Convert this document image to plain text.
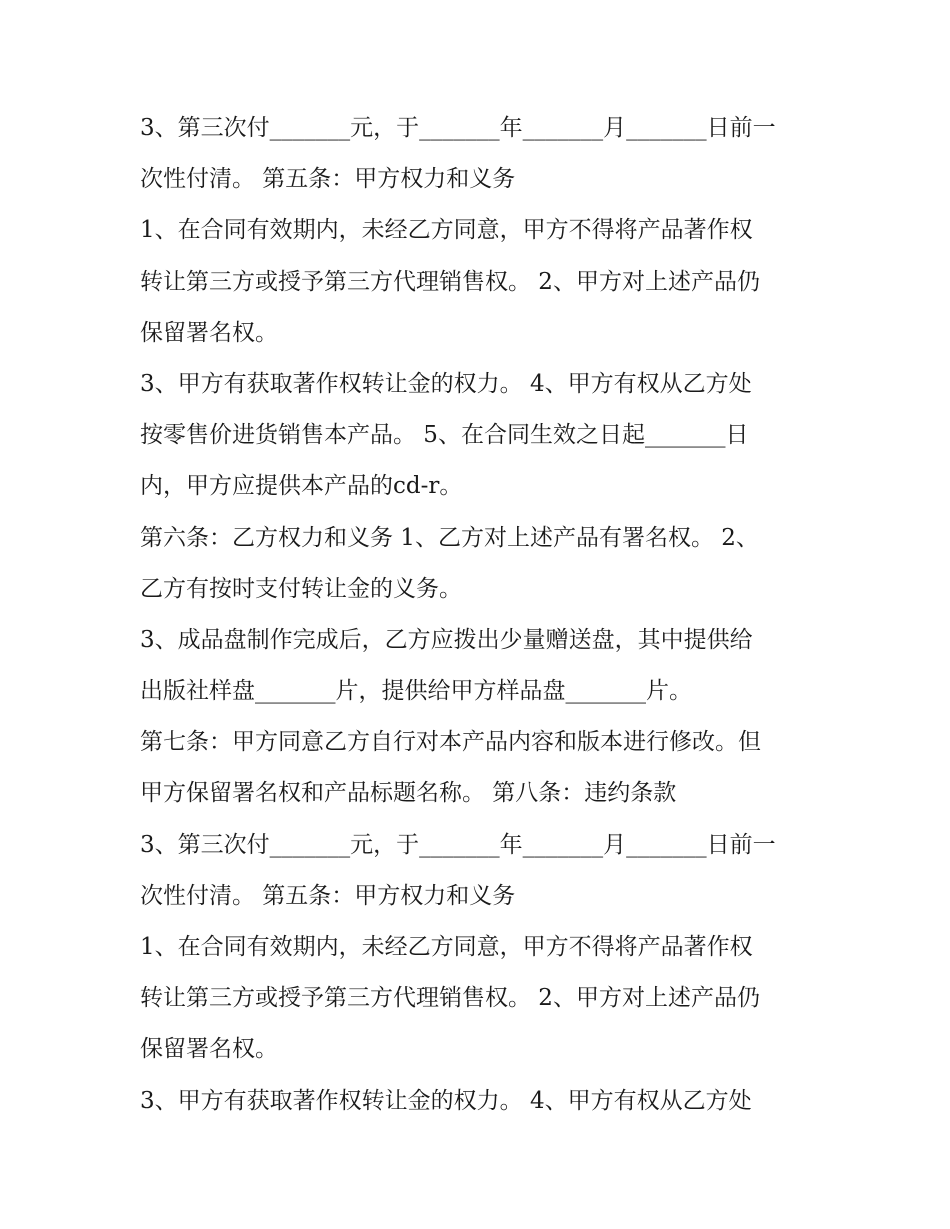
3、第三次付_______元，于_______年_______月_______日前一
次性付清。 第五条：甲方权力和义务
1、在合同有效期内，未经乙方同意，甲方不得将产品著作权
转让第三方或授予第三方代理销售权。 2、甲方对上述产品仍
保留署名权。
3、甲方有获取著作权转让金的权力。 4、甲方有权从乙方处
按零售价进货销售本产品。 5、在合同生效之日起_______日
内，甲方应提供本产品的cd-r。
第六条：乙方权力和义务 1、乙方对上述产品有署名权。 2、
乙方有按时支付转让金的义务。
3、成品盘制作完成后，乙方应拨出少量赠送盘，其中提供给
出版社样盘_______片，提供给甲方样品盘_______片。
第七条：甲方同意乙方自行对本产品内容和版本进行修改。但
甲方保留署名权和产品标题名称。 第八条：违约条款
3、第三次付_______元，于_______年_______月_______日前一
次性付清。 第五条：甲方权力和义务
1、在合同有效期内，未经乙方同意，甲方不得将产品著作权
转让第三方或授予第三方代理销售权。 2、甲方对上述产品仍
保留署名权。
3、甲方有获取著作权转让金的权力。 4、甲方有权从乙方处
